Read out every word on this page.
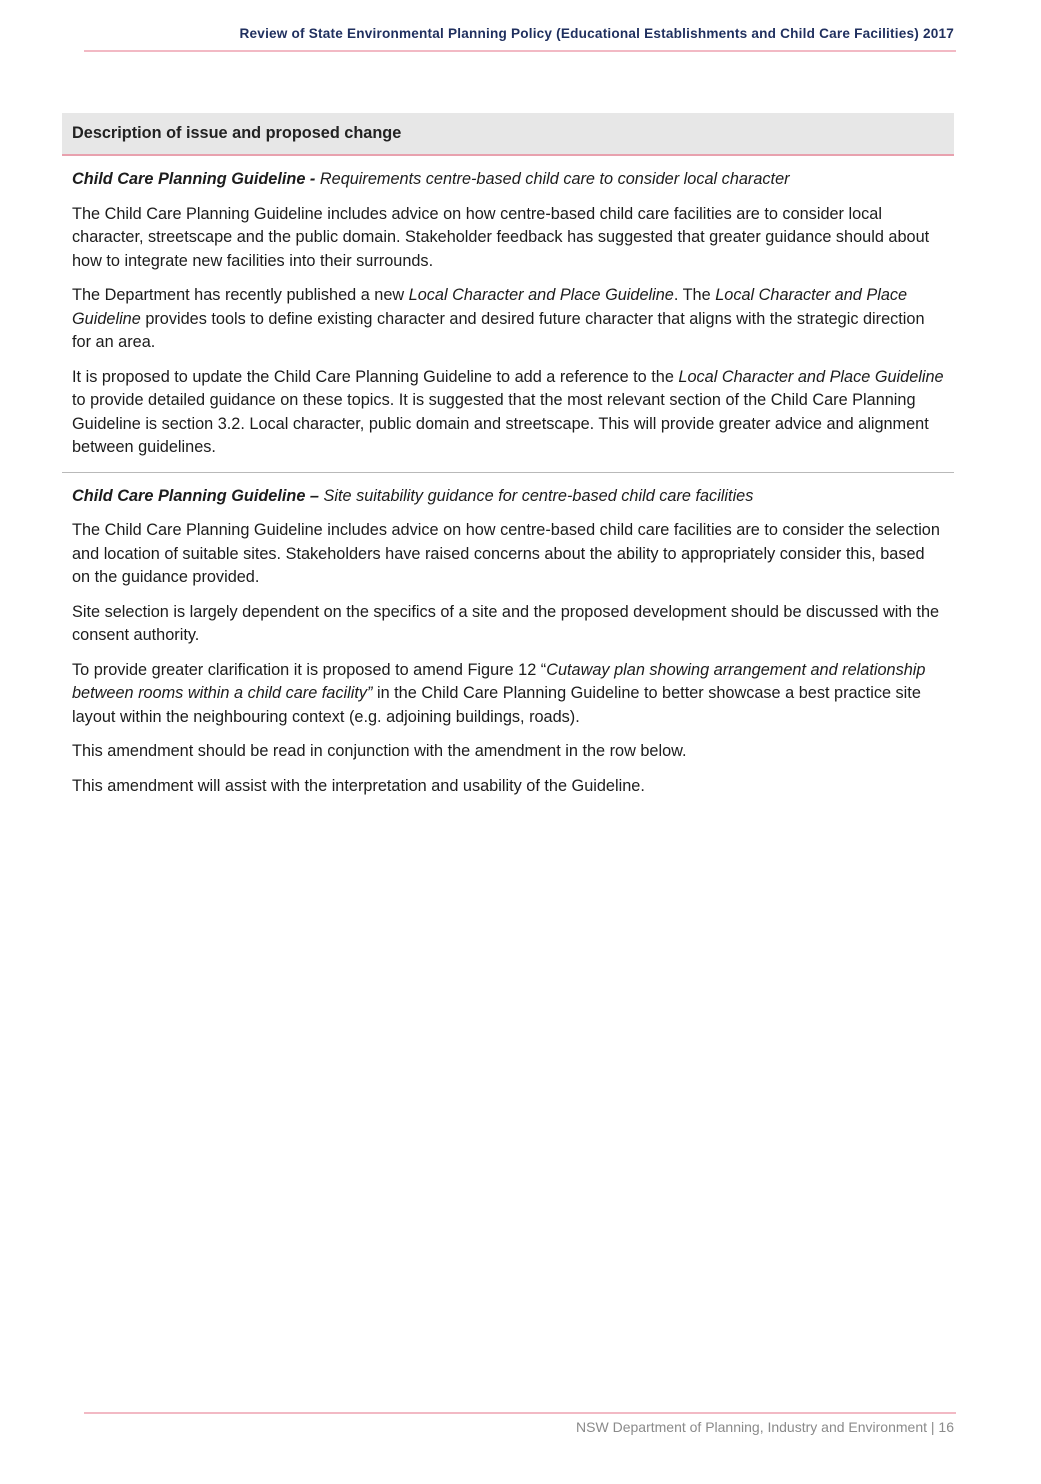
Review of State Environmental Planning Policy (Educational Establishments and Child Care Facilities) 2017
Description of issue and proposed change

Child Care Planning Guideline - Requirements centre-based child care to consider local character

The Child Care Planning Guideline includes advice on how centre-based child care facilities are to consider local character, streetscape and the public domain. Stakeholder feedback has suggested that greater guidance should about how to integrate new facilities into their surrounds.

The Department has recently published a new Local Character and Place Guideline. The Local Character and Place Guideline provides tools to define existing character and desired future character that aligns with the strategic direction for an area.

It is proposed to update the Child Care Planning Guideline to add a reference to the Local Character and Place Guideline to provide detailed guidance on these topics. It is suggested that the most relevant section of the Child Care Planning Guideline is section 3.2. Local character, public domain and streetscape. This will provide greater advice and alignment between guidelines.

Child Care Planning Guideline – Site suitability guidance for centre-based child care facilities

The Child Care Planning Guideline includes advice on how centre-based child care facilities are to consider the selection and location of suitable sites. Stakeholders have raised concerns about the ability to appropriately consider this, based on the guidance provided.

Site selection is largely dependent on the specifics of a site and the proposed development should be discussed with the consent authority.

To provide greater clarification it is proposed to amend Figure 12 “Cutaway plan showing arrangement and relationship between rooms within a child care facility” in the Child Care Planning Guideline to better showcase a best practice site layout within the neighbouring context (e.g. adjoining buildings, roads).

This amendment should be read in conjunction with the amendment in the row below.

This amendment will assist with the interpretation and usability of the Guideline.

NSW Department of Planning, Industry and Environment | 16
